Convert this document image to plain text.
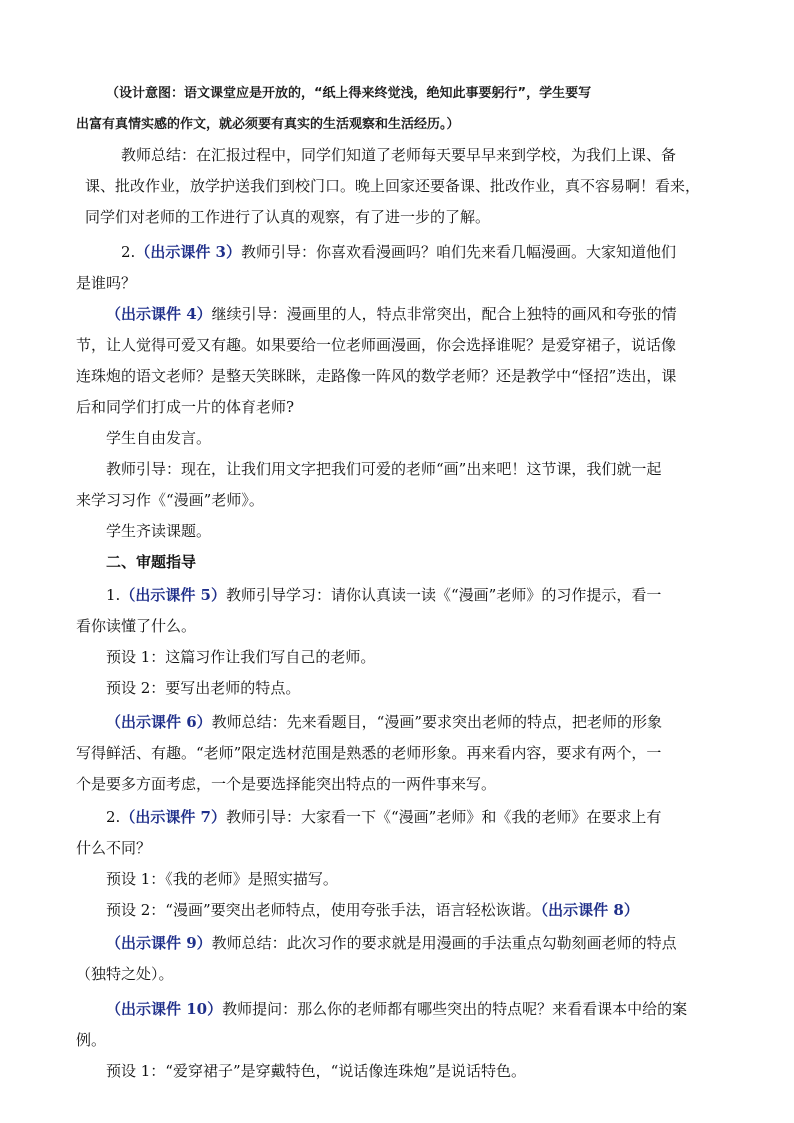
（设计意图：语文课堂应是开放的，“纸上得来终觉浅，绝知此事要躬行”，学生要写
出富有真情实感的作文，就必须要有真实的生活观察和生活经历。）
教师总结：在汇报过程中，同学们知道了老师每天要早早来到学校，为我们上课、备
课、批改作业，放学护送我们到校门口。晚上回家还要备课、批改作业，真不容易啊！看来，
同学们对老师的工作进行了认真的观察，有了进一步的了解。
2.（出示课件 3）教师引导：你喜欢看漫画吗？咱们先来看几幅漫画。大家知道他们
是谁吗？
（出示课件 4）继续引导：漫画里的人，特点非常突出，配合上独特的画风和夸张的情
节，让人觉得可爱又有趣。如果要给一位老师画漫画，你会选择谁呢？是爱穿裙子，说话像
连珠炮的语文老师？是整天笑眯眯，走路像一阵风的数学老师？还是教学中“怪招”迭出，课
后和同学们打成一片的体育老师?
学生自由发言。
教师引导：现在，让我们用文字把我们可爱的老师“画”出来吧！这节课，我们就一起
来学习习作《“漫画”老师》。
学生齐读课题。
二、审题指导
1.（出示课件 5）教师引导学习：请你认真读一读《“漫画”老师》的习作提示，看一
看你读懂了什么。
预设 1：这篇习作让我们写自己的老师。
预设 2：要写出老师的特点。
（出示课件 6）教师总结：先来看题目，“漫画”要求突出老师的特点，把老师的形象
写得鲜活、有趣。“老师”限定选材范围是熟悉的老师形象。再来看内容，要求有两个，一
个是要多方面考虑，一个是要选择能突出特点的一两件事来写。
2.（出示课件 7）教师引导：大家看一下《“漫画”老师》和《我的老师》在要求上有
什么不同？
预设 1：《我的老师》是照实描写。
预设 2：“漫画”要突出老师特点，使用夸张手法，语言轻松诙谐。（出示课件 8）
（出示课件 9）教师总结：此次习作的要求就是用漫画的手法重点勾勒刻画老师的特点
（独特之处）。
（出示课件 10）教师提问：那么你的老师都有哪些突出的特点呢？来看看课本中给的案
例。
预设 1：“爱穿裙子”是穿戴特色，“说话像连珠炮”是说话特色。
